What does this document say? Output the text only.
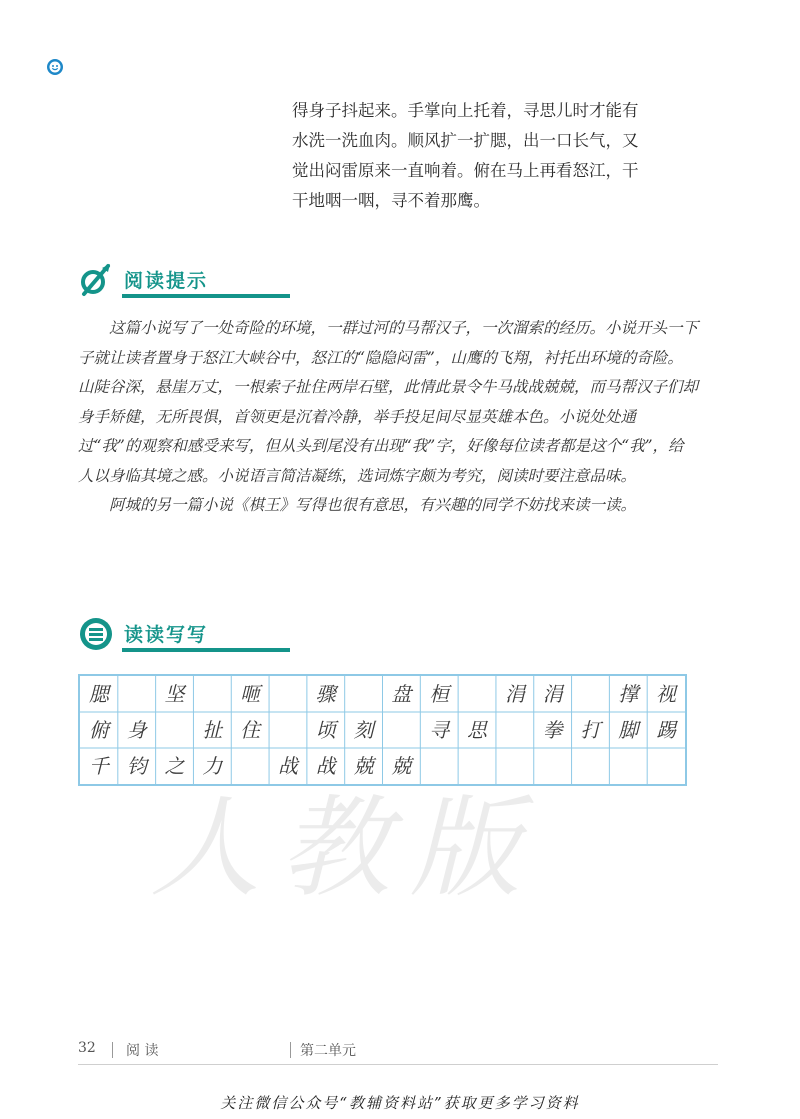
得身子抖起来。手掌向上托着，寻思儿时才能有

水洗一洗血肉。顺风扩一扩腮，出一口长气，又

觉出闷雷原来一直响着。俯在马上再看怒江，干

干地咽一咽，寻不着那鹰。

阅读提示

这篇小说写了一处奇险的环境，一群过河的马帮汉子，一次溜索的经历。小说开头一下子就让读者置身于怒江大峡谷中，怒江的“隐隐闷雷”，山鹰的飞翔，衬托出环境的奇险。山陡谷深，悬崖万丈，一根索子扯住两岸石壁，此情此景令牛马战战兢兢，而马帮汉子们却身手矫健，无所畏惧，首领更是沉着冷静，举手投足间尽显英雄本色。小说处处通过“我”的观察和感受来写，但从头到尾没有出现“我”字，好像每位读者都是这个“我”，给人以身临其境之感。小说语言简洁凝练，选词炼字颇为考究，阅读时要注意品味。

阿城的另一篇小说《棋王》写得也很有意思，有兴趣的同学不妨找来读一读。

读读写写
腮	坚	咂	骤	盘 桓	涓 涓	撑 视
俯 身	扯 住	顷 刻	寻 思	拳 打 脚 踢
千 钧 之 力	战 战 兢 兢
人教版
32 阅 读	第二单元
关注微信公众号“教辅资料站”获取更多学习资料
